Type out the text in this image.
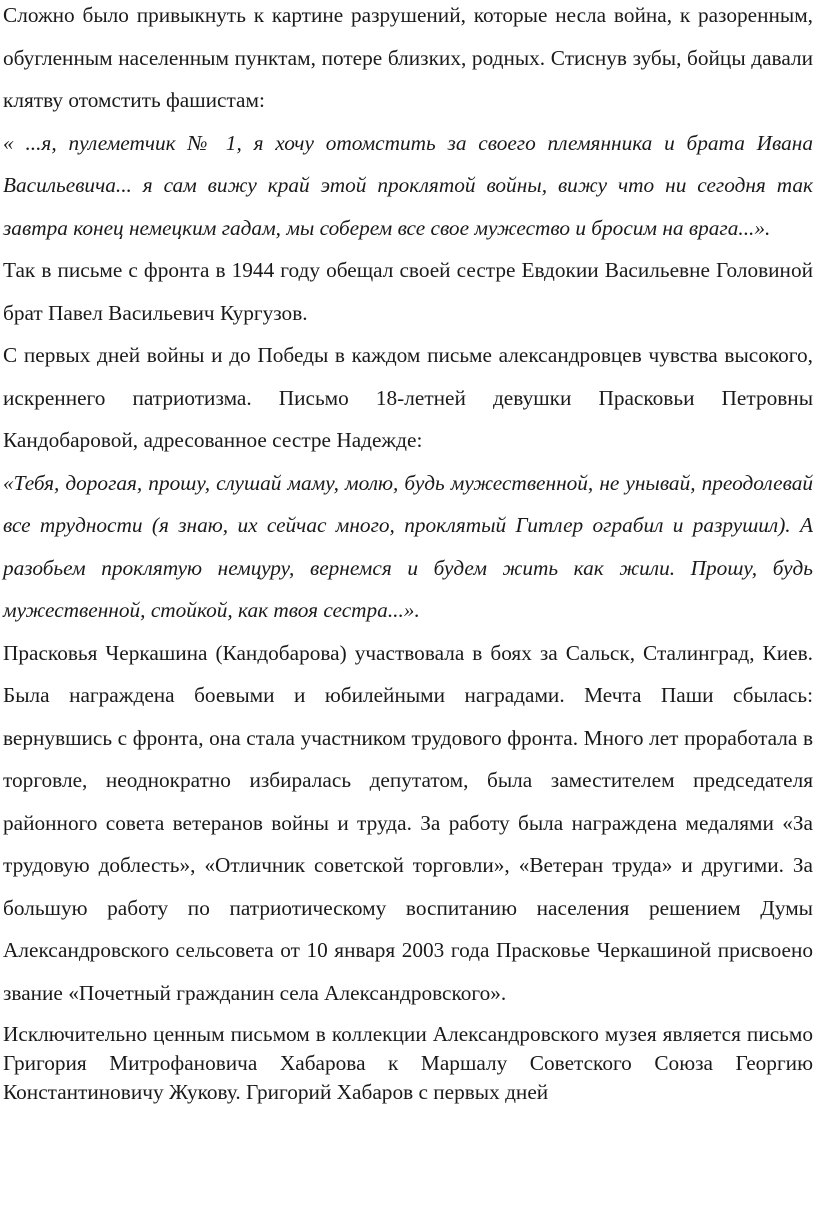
Сложно было привыкнуть к картине разрушений, которые несла война, к разоренным, обугленным населенным пунктам, потере близких, родных. Стиснув зубы, бойцы давали клятву отомстить фашистам:

« ...я, пулеметчик № 1, я хочу отомстить за своего племянника и брата Ивана Васильевича... я сам вижу край этой проклятой войны, вижу что ни сегодня так завтра конец немецким гадам, мы соберем все свое мужество и бросим на врага...».

Так в письме с фронта в 1944 году обещал своей сестре Евдокии Васильевне Головиной брат Павел Васильевич Кургузов.

С первых дней войны и до Победы в каждом письме александровцев чувства высокого, искреннего патриотизма. Письмо 18-летней девушки Прасковьи Петровны Кандобаровой, адресованное сестре Надежде:

«Тебя, дорогая, прошу, слушай маму, молю, будь мужественной, не унывай, преодолевай все трудности (я знаю, их сейчас много, проклятый Гитлер ограбил и разрушил). А разобьем проклятую немцуру, вернемся и будем жить как жили. Прошу, будь мужественной, стойкой, как твоя сестра...».

Прасковья Черкашина (Кандобарова) участвовала в боях за Сальск, Сталинград, Киев. Была награждена боевыми и юбилейными наградами. Мечта Паши сбылась: вернувшись с фронта, она стала участником трудового фронта. Много лет проработала в торговле, неоднократно избиралась депутатом, была заместителем председателя районного совета ветеранов войны и труда. За работу была награждена медалями «За трудовую доблесть», «Отличник советской торговли», «Ветеран труда» и другими. За большую работу по патриотическому воспитанию населения решением Думы Александровского сельсовета от 10 января 2003 года Прасковье Черкашиной присвоено звание «Почетный гражданин села Александровского».

Исключительно ценным письмом в коллекции Александровского музея является письмо Григория Митрофановича Хабарова к Маршалу Советского Союза Георгию Константиновичу Жукову. Григорий Хабаров с первых дней
